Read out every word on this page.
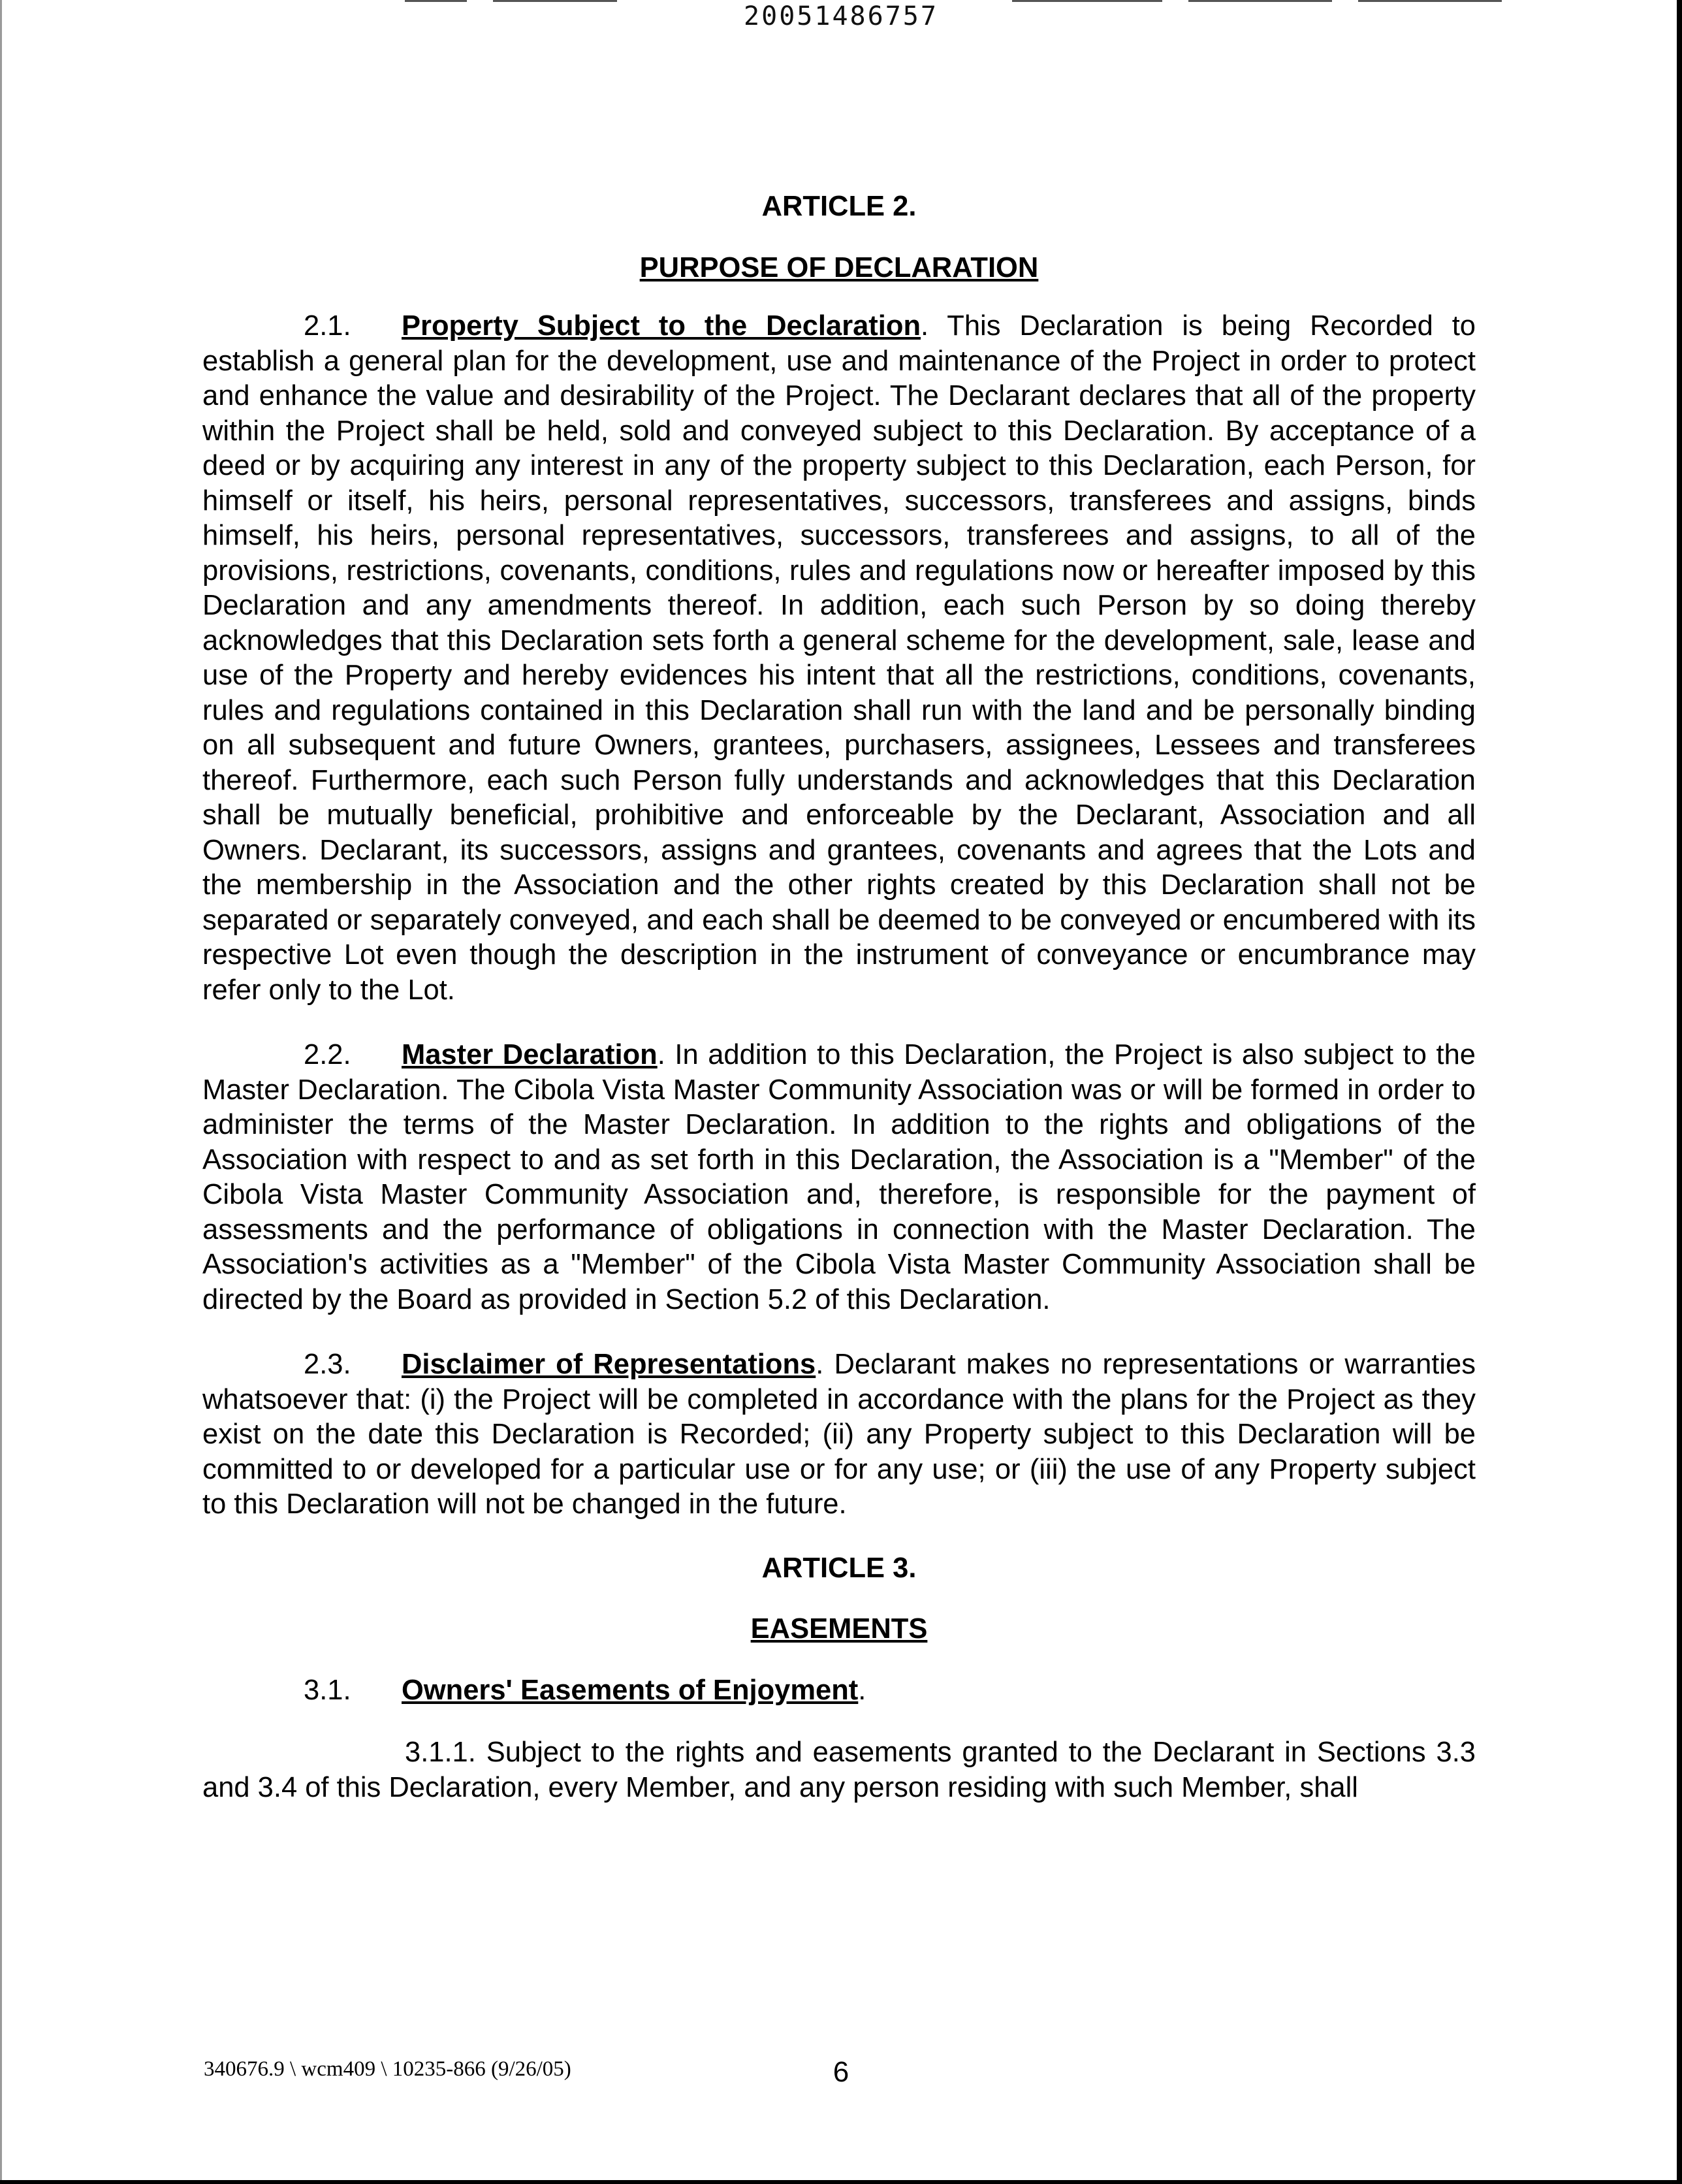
20051486757
ARTICLE 2.
PURPOSE OF DECLARATION

2.1. Property Subject to the Declaration. This Declaration is being Recorded to establish a general plan for the development, use and maintenance of the Project in order to protect and enhance the value and desirability of the Project. The Declarant declares that all of the property within the Project shall be held, sold and conveyed subject to this Declaration. By acceptance of a deed or by acquiring any interest in any of the property subject to this Declaration, each Person, for himself or itself, his heirs, personal representatives, successors, transferees and assigns, binds himself, his heirs, personal representatives, successors, transferees and assigns, to all of the provisions, restrictions, covenants, conditions, rules and regulations now or hereafter imposed by this Declaration and any amendments thereof. In addition, each such Person by so doing thereby acknowledges that this Declaration sets forth a general scheme for the development, sale, lease and use of the Property and hereby evidences his intent that all the restrictions, conditions, covenants, rules and regulations contained in this Declaration shall run with the land and be personally binding on all subsequent and future Owners, grantees, purchasers, assignees, Lessees and transferees thereof. Furthermore, each such Person fully understands and acknowledges that this Declaration shall be mutually beneficial, prohibitive and enforceable by the Declarant, Association and all Owners. Declarant, its successors, assigns and grantees, covenants and agrees that the Lots and the membership in the Association and the other rights created by this Declaration shall not be separated or separately conveyed, and each shall be deemed to be conveyed or encumbered with its respective Lot even though the description in the instrument of conveyance or encumbrance may refer only to the Lot.

2.2. Master Declaration. In addition to this Declaration, the Project is also subject to the Master Declaration. The Cibola Vista Master Community Association was or will be formed in order to administer the terms of the Master Declaration. In addition to the rights and obligations of the Association with respect to and as set forth in this Declaration, the Association is a "Member" of the Cibola Vista Master Community Association and, therefore, is responsible for the payment of assessments and the performance of obligations in connection with the Master Declaration. The Association's activities as a "Member" of the Cibola Vista Master Community Association shall be directed by the Board as provided in Section 5.2 of this Declaration.

2.3. Disclaimer of Representations. Declarant makes no representations or warranties whatsoever that: (i) the Project will be completed in accordance with the plans for the Project as they exist on the date this Declaration is Recorded; (ii) any Property subject to this Declaration will be committed to or developed for a particular use or for any use; or (iii) the use of any Property subject to this Declaration will not be changed in the future.

ARTICLE 3.
EASEMENTS

3.1. Owners' Easements of Enjoyment.

3.1.1. Subject to the rights and easements granted to the Declarant in Sections 3.3 and 3.4 of this Declaration, every Member, and any person residing with such Member, shall

340676.9 \ wcm409 \ 10235-866 (9/26/05)	6
